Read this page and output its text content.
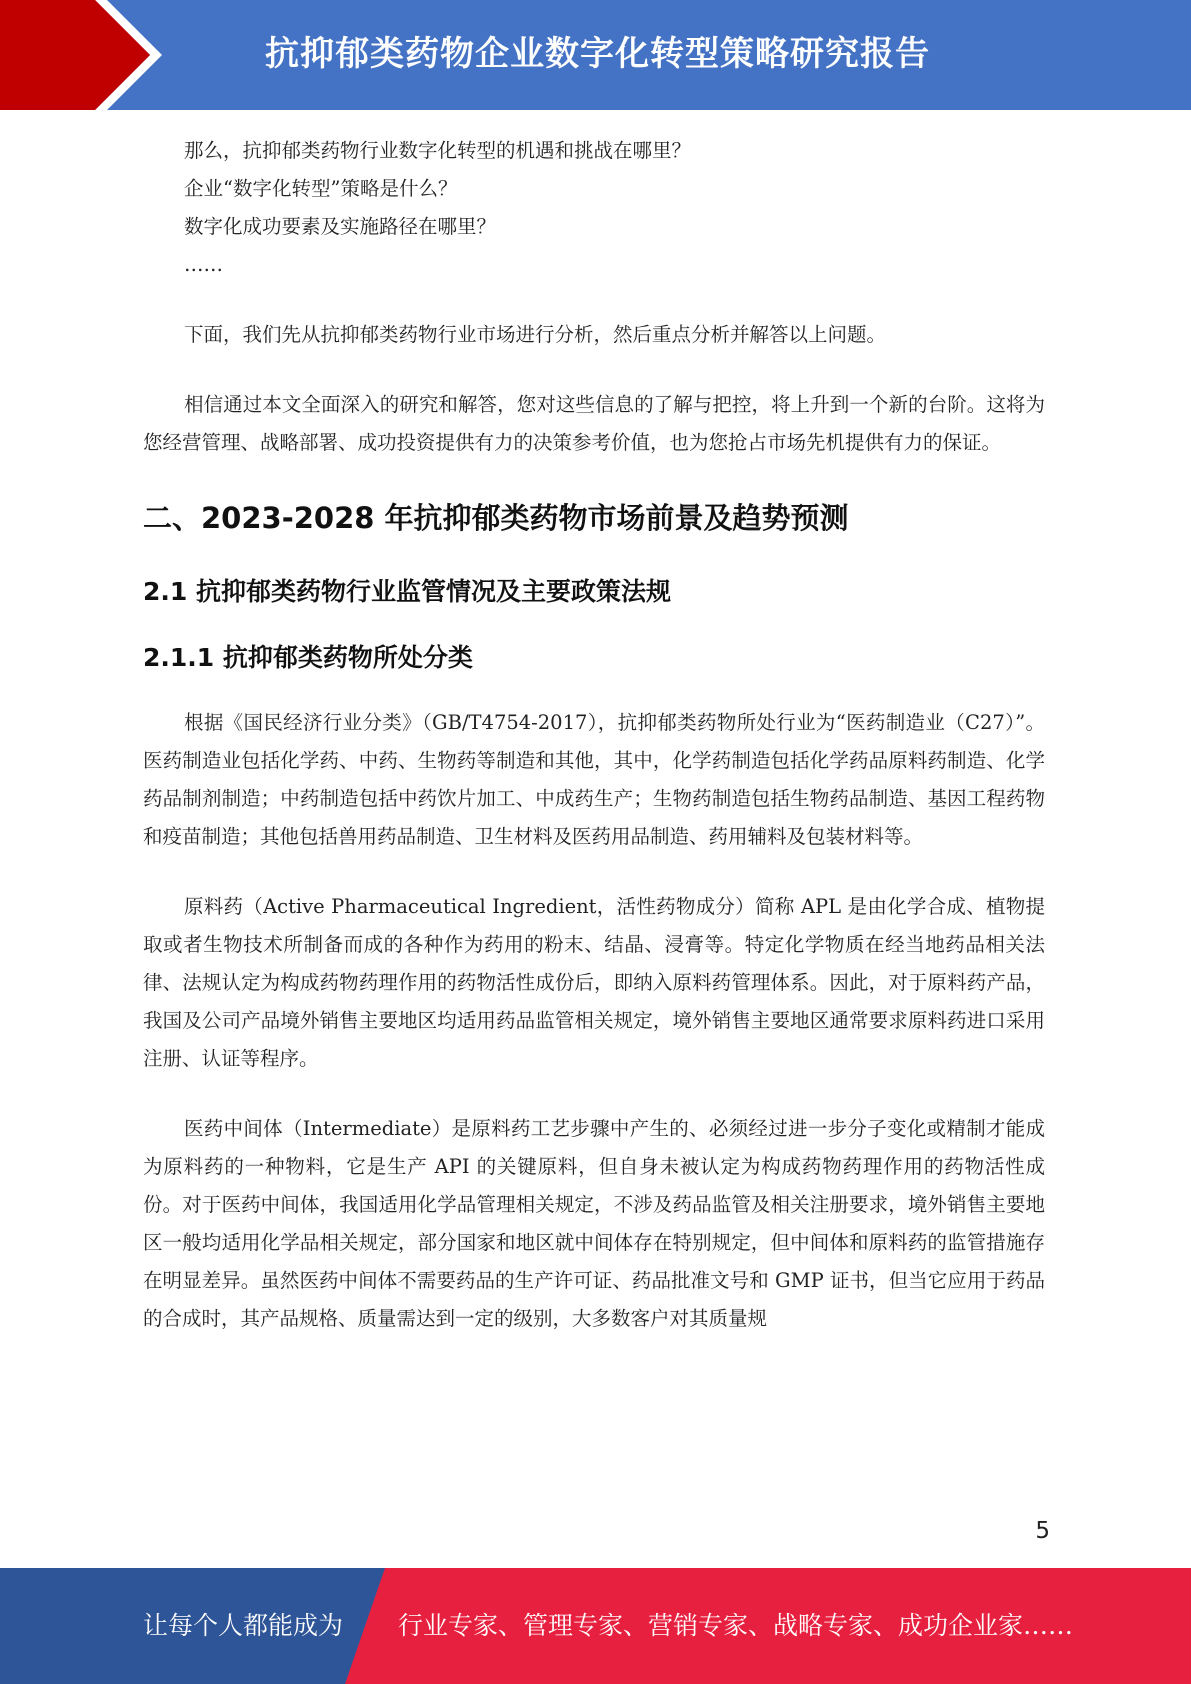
抗抑郁类药物企业数字化转型策略研究报告

那么，抗抑郁类药物行业数字化转型的机遇和挑战在哪里？

企业“数字化转型”策略是什么？

数字化成功要素及实施路径在哪里？

……

下面，我们先从抗抑郁类药物行业市场进行分析，然后重点分析并解答以上问题。

相信通过本文全面深入的研究和解答，您对这些信息的了解与把控，将上升到一个新的台阶。这将为您经营管理、战略部署、成功投资提供有力的决策参考价值，也为您抢占市场先机提供有力的保证。

二、2023-2028 年抗抑郁类药物市场前景及趋势预测
2.1 抗抑郁类药物行业监管情况及主要政策法规
2.1.1 抗抑郁类药物所处分类

根据《国民经济行业分类》（GB/T4754-2017），抗抑郁类药物所处行业为“医药制造业（C27）”。医药制造业包括化学药、中药、生物药等制造和其他，其中，化学药制造包括化学药品原料药制造、化学药品制剂制造；中药制造包括中药饮片加工、中成药生产；生物药制造包括生物药品制造、基因工程药物和疫苗制造；其他包括兽用药品制造、卫生材料及医药用品制造、药用辅料及包装材料等。

原料药（Active Pharmaceutical Ingredient，活性药物成分）简称 APL 是由化学合成、植物提取或者生物技术所制备而成的各种作为药用的粉末、结晶、浸膏等。特定化学物质在经当地药品相关法律、法规认定为构成药物药理作用的药物活性成份后，即纳入原料药管理体系。因此，对于原料药产品，我国及公司产品境外销售主要地区均适用药品监管相关规定，境外销售主要地区通常要求原料药进口采用注册、认证等程序。

医药中间体（Intermediate）是原料药工艺步骤中产生的、必须经过进一步分子变化或精制才能成为原料药的一种物料，它是生产 API 的关键原料，但自身未被认定为构成药物药理作用的药物活性成份。对于医药中间体，我国适用化学品管理相关规定，不涉及药品监管及相关注册要求，境外销售主要地区一般均适用化学品相关规定，部分国家和地区就中间体存在特别规定，但中间体和原料药的监管措施存在明显差异。虽然医药中间体不需要药品的生产许可证、药品批准文号和 GMP 证书，但当它应用于药品的合成时，其产品规格、质量需达到一定的级别，大多数客户对其质量规

5
让每个人都能成为 行业专家、管理专家、营销专家、战略专家、成功企业家……
